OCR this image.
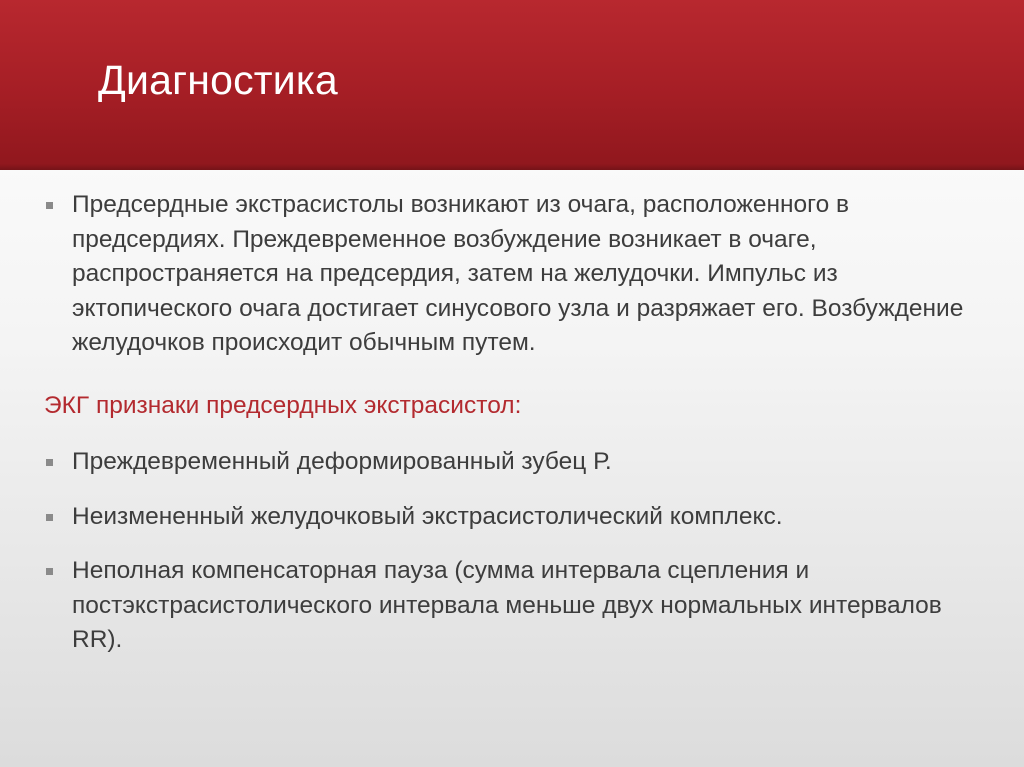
Диагностика
Предсердные экстрасистолы возникают из очага, расположенного в предсердиях. Преждевременное возбуждение возникает в очаге, распространяется на предсердия, затем на желудочки. Импульс из эктопического очага достигает синусового узла и разряжает его. Возбуждение желудочков происходит обычным путем.
ЭКГ признаки предсердных экстрасистол:
Преждевременный деформированный зубец Р.
Неизмененный желудочковый экстрасистолический комплекс.
Неполная компенсаторная пауза (сумма интервала сцепления и постэкстрасистолического интервала меньше двух нормальных интервалов RR).
